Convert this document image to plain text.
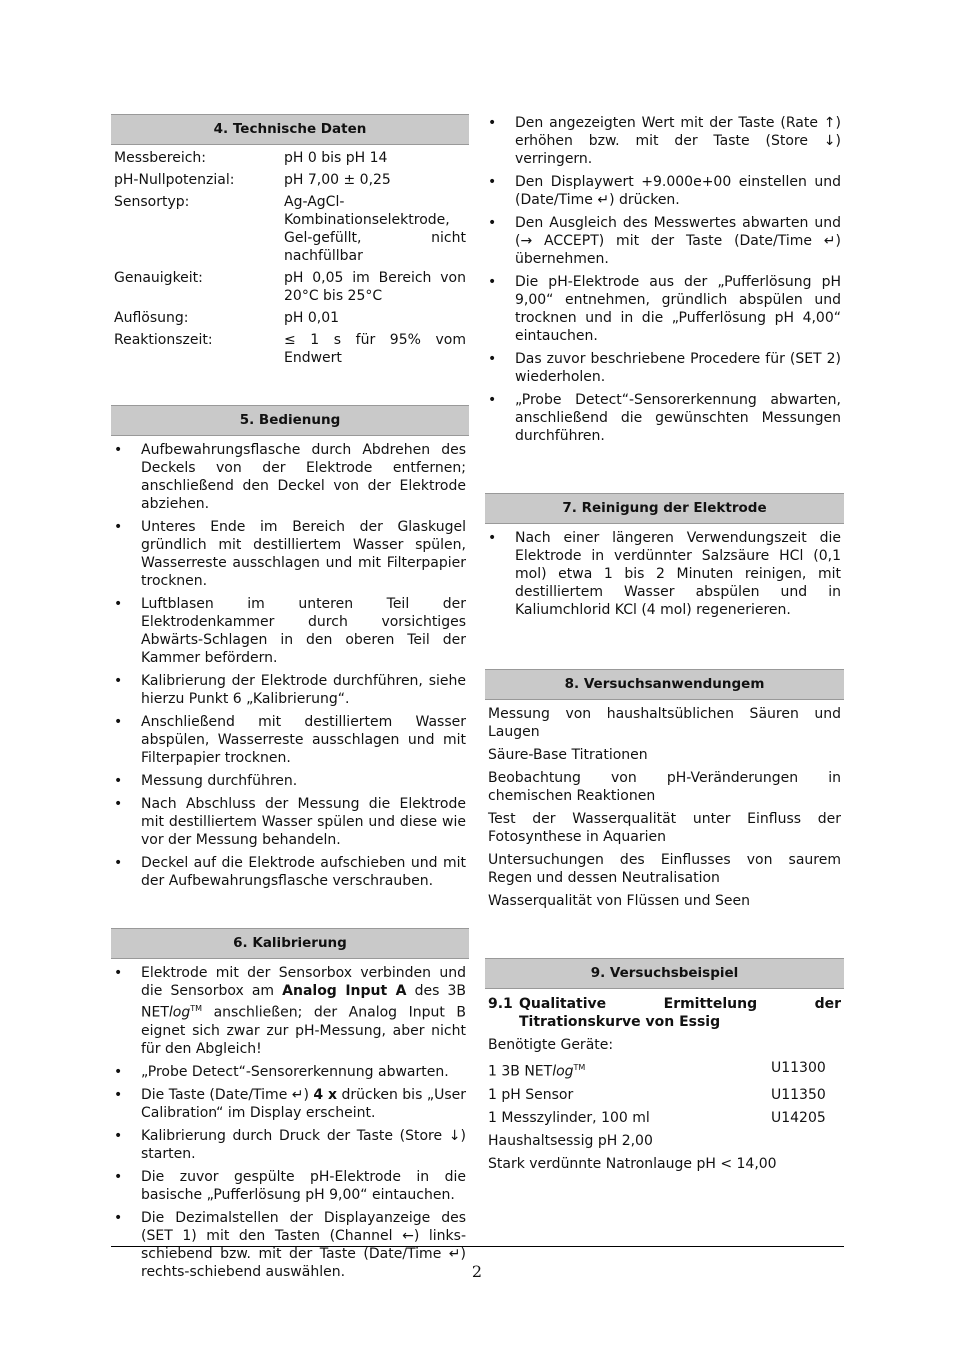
4. Technische Daten
Messbereich:	pH 0 bis pH 14
pH-Nullpotenzial:	pH 7,00 ± 0,25
Sensortyp:	Ag-AgCl-Kombinationselektrode, Gel-gefüllt, nicht nachfüllbar
Genauigkeit:	pH 0,05 im Bereich von 20°C bis 25°C
Auflösung:	pH 0,01
Reaktionszeit:	≤ 1 s für 95% vom Endwert
5. Bedienung
• Aufbewahrungsflasche durch Abdrehen des Deckels von der Elektrode entfernen; anschließend den Deckel von der Elektrode abziehen.
• Unteres Ende im Bereich der Glaskugel gründlich mit destilliertem Wasser spülen, Wasserreste ausschlagen und mit Filterpapier trocknen.
• Luftblasen im unteren Teil der Elektrodenkammer durch vorsichtiges Abwärts-Schlagen in den oberen Teil der Kammer befördern.
• Kalibrierung der Elektrode durchführen, siehe hierzu Punkt 6 „Kalibrierung“.
• Anschließend mit destilliertem Wasser abspülen, Wasserreste ausschlagen und mit Filterpapier trocknen.
• Messung durchführen.
• Nach Abschluss der Messung die Elektrode mit destilliertem Wasser spülen und diese wie vor der Messung behandeln.
• Deckel auf die Elektrode aufschieben und mit der Aufbewahrungsflasche verschrauben.
6. Kalibrierung
• Elektrode mit der Sensorbox verbinden und die Sensorbox am Analog Input A des 3B NETlog™ anschließen; der Analog Input B eignet sich zwar zur pH-Messung, aber nicht für den Abgleich!
• „Probe Detect“-Sensorerkennung abwarten.
• Die Taste (Date/Time ↵) 4 x drücken bis „User Calibration“ im Display erscheint.
• Kalibrierung durch Druck der Taste (Store ↓) starten.
• Die zuvor gespülte pH-Elektrode in die basische „Pufferlösung pH 9,00“ eintauchen.
• Die Dezimalstellen der Displayanzeige des (SET 1) mit den Tasten (Channel ←) links-schiebend bzw. mit der Taste (Date/Time ↵) rechts-schiebend auswählen.
• Den angezeigten Wert mit der Taste (Rate ↑) erhöhen bzw. mit der Taste (Store ↓) verringern.
• Den Displaywert +9.000e+00 einstellen und (Date/Time ↵) drücken.
• Den Ausgleich des Messwertes abwarten und (→ ACCEPT) mit der Taste (Date/Time ↵) übernehmen.
• Die pH-Elektrode aus der „Pufferlösung pH 9,00“ entnehmen, gründlich abspülen und trocknen und in die „Pufferlösung pH 4,00“ eintauchen.
• Das zuvor beschriebene Procedere für (SET 2) wiederholen.
• „Probe Detect“-Sensorerkennung abwarten, anschließend die gewünschten Messungen durchführen.
7. Reinigung der Elektrode
• Nach einer längeren Verwendungszeit die Elektrode in verdünnter Salzsäure HCl (0,1 mol) etwa 1 bis 2 Minuten reinigen, mit destilliertem Wasser abspülen und in Kaliumchlorid KCl (4 mol) regenerieren.
8. Versuchsanwendungem
Messung von haushaltsüblichen Säuren und Laugen
Säure-Base Titrationen
Beobachtung von pH-Veränderungen in chemischen Reaktionen
Test der Wasserqualität unter Einfluss der Fotosynthese in Aquarien
Untersuchungen des Einflusses von saurem Regen und dessen Neutralisation
Wasserqualität von Flüssen und Seen
9. Versuchsbeispiel
9.1 Qualitative Ermittelung der Titrationskurve von Essig
Benötigte Geräte:
1 3B NETlog™	U11300
1 pH Sensor	U11350
1 Messzylinder, 100 ml	U14205
Haushaltsessig pH 2,00
Stark verdünnte Natronlauge pH < 14,00
2
